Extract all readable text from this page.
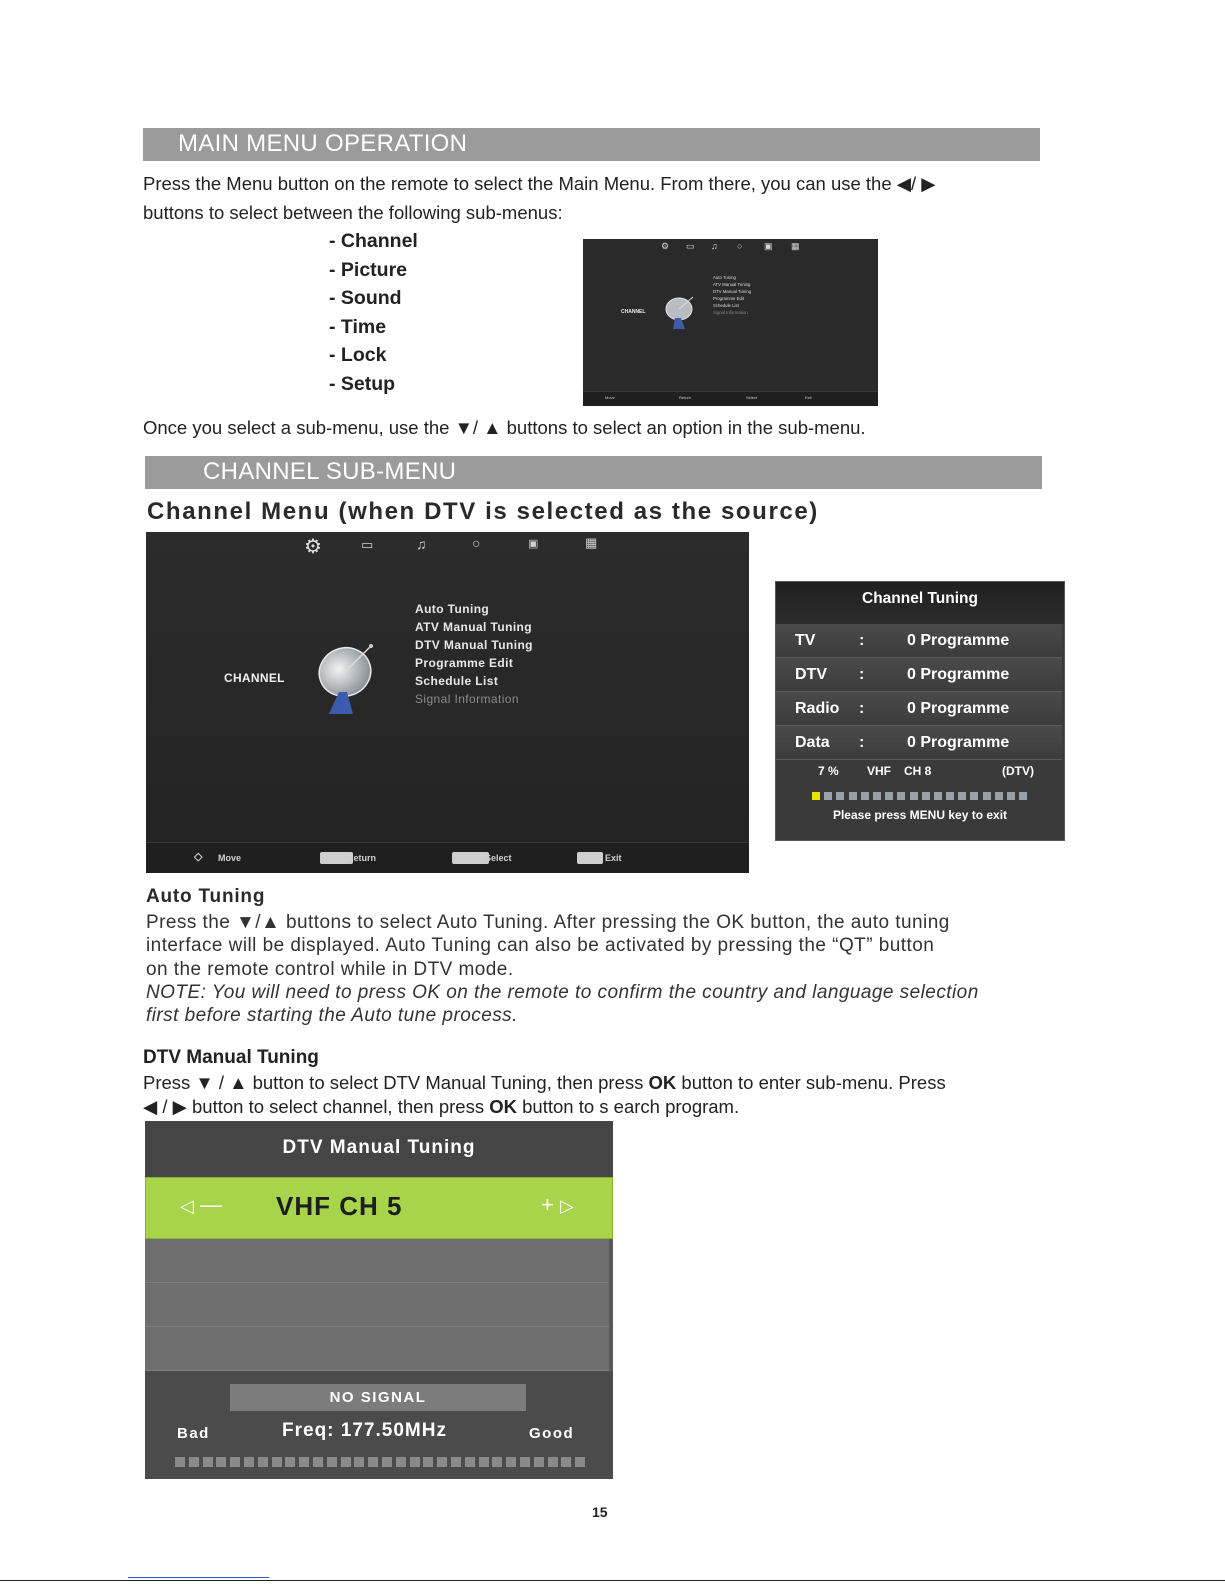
MAIN MENU OPERATION
Press the Menu button on the remote to select the Main Menu. From there, you can use the ◀/ ▶
buttons to select between the following sub-menus:
- Channel
- Picture
- Sound
- Time
- Lock
- Setup
⚙ ▭ ♫ ○ ▣ ▦
Auto Tuning
ATV Manual Tuning
DTV Manual Tuning
Programme Edit
Schedule List
Signal Information
CHANNEL
Move	Return	Select	Exit
Once you select a sub-menu, use the ▼/ ▲ buttons to select an option in the sub-menu.
CHANNEL SUB-MENU
Channel Menu (when DTV is selected as the source)
⚙	▭	♫	○	▣	▦
CHANNEL
Auto Tuning
ATV Manual Tuning
DTV Manual Tuning
Programme Edit
Schedule List
Signal Information
◇ Move	MENU
Return	ENTER Select	EXIT Exit
Channel Tuning
TV	:	0 Programme
DTV :	0 Programme
Radio :	0 Programme
Data :	0 Programme
7 % VHF CH 8	(DTV)
Please press MENU key to exit
Auto Tuning
Press the ▼/▲ buttons to select Auto Tuning. After pressing the OK button, the auto tuning
interface will be displayed. Auto Tuning can also be activated by pressing the “QT” button
on the remote control while in DTV mode.
NOTE: You will need to press OK on the remote to confirm the country and language selection
first before starting the Auto tune process.
DTV Manual Tuning
Press ▼ / ▲ button to select DTV Manual Tuning, then press OK button to enter sub-menu. Press
◀ / ▶ button to select channel, then press OK button to s earch program.
DTV Manual Tuning
◁ — VHF CH 5	+ ▷
NO SIGNAL
Bad	Freq: 177.50MHz	Good
15
